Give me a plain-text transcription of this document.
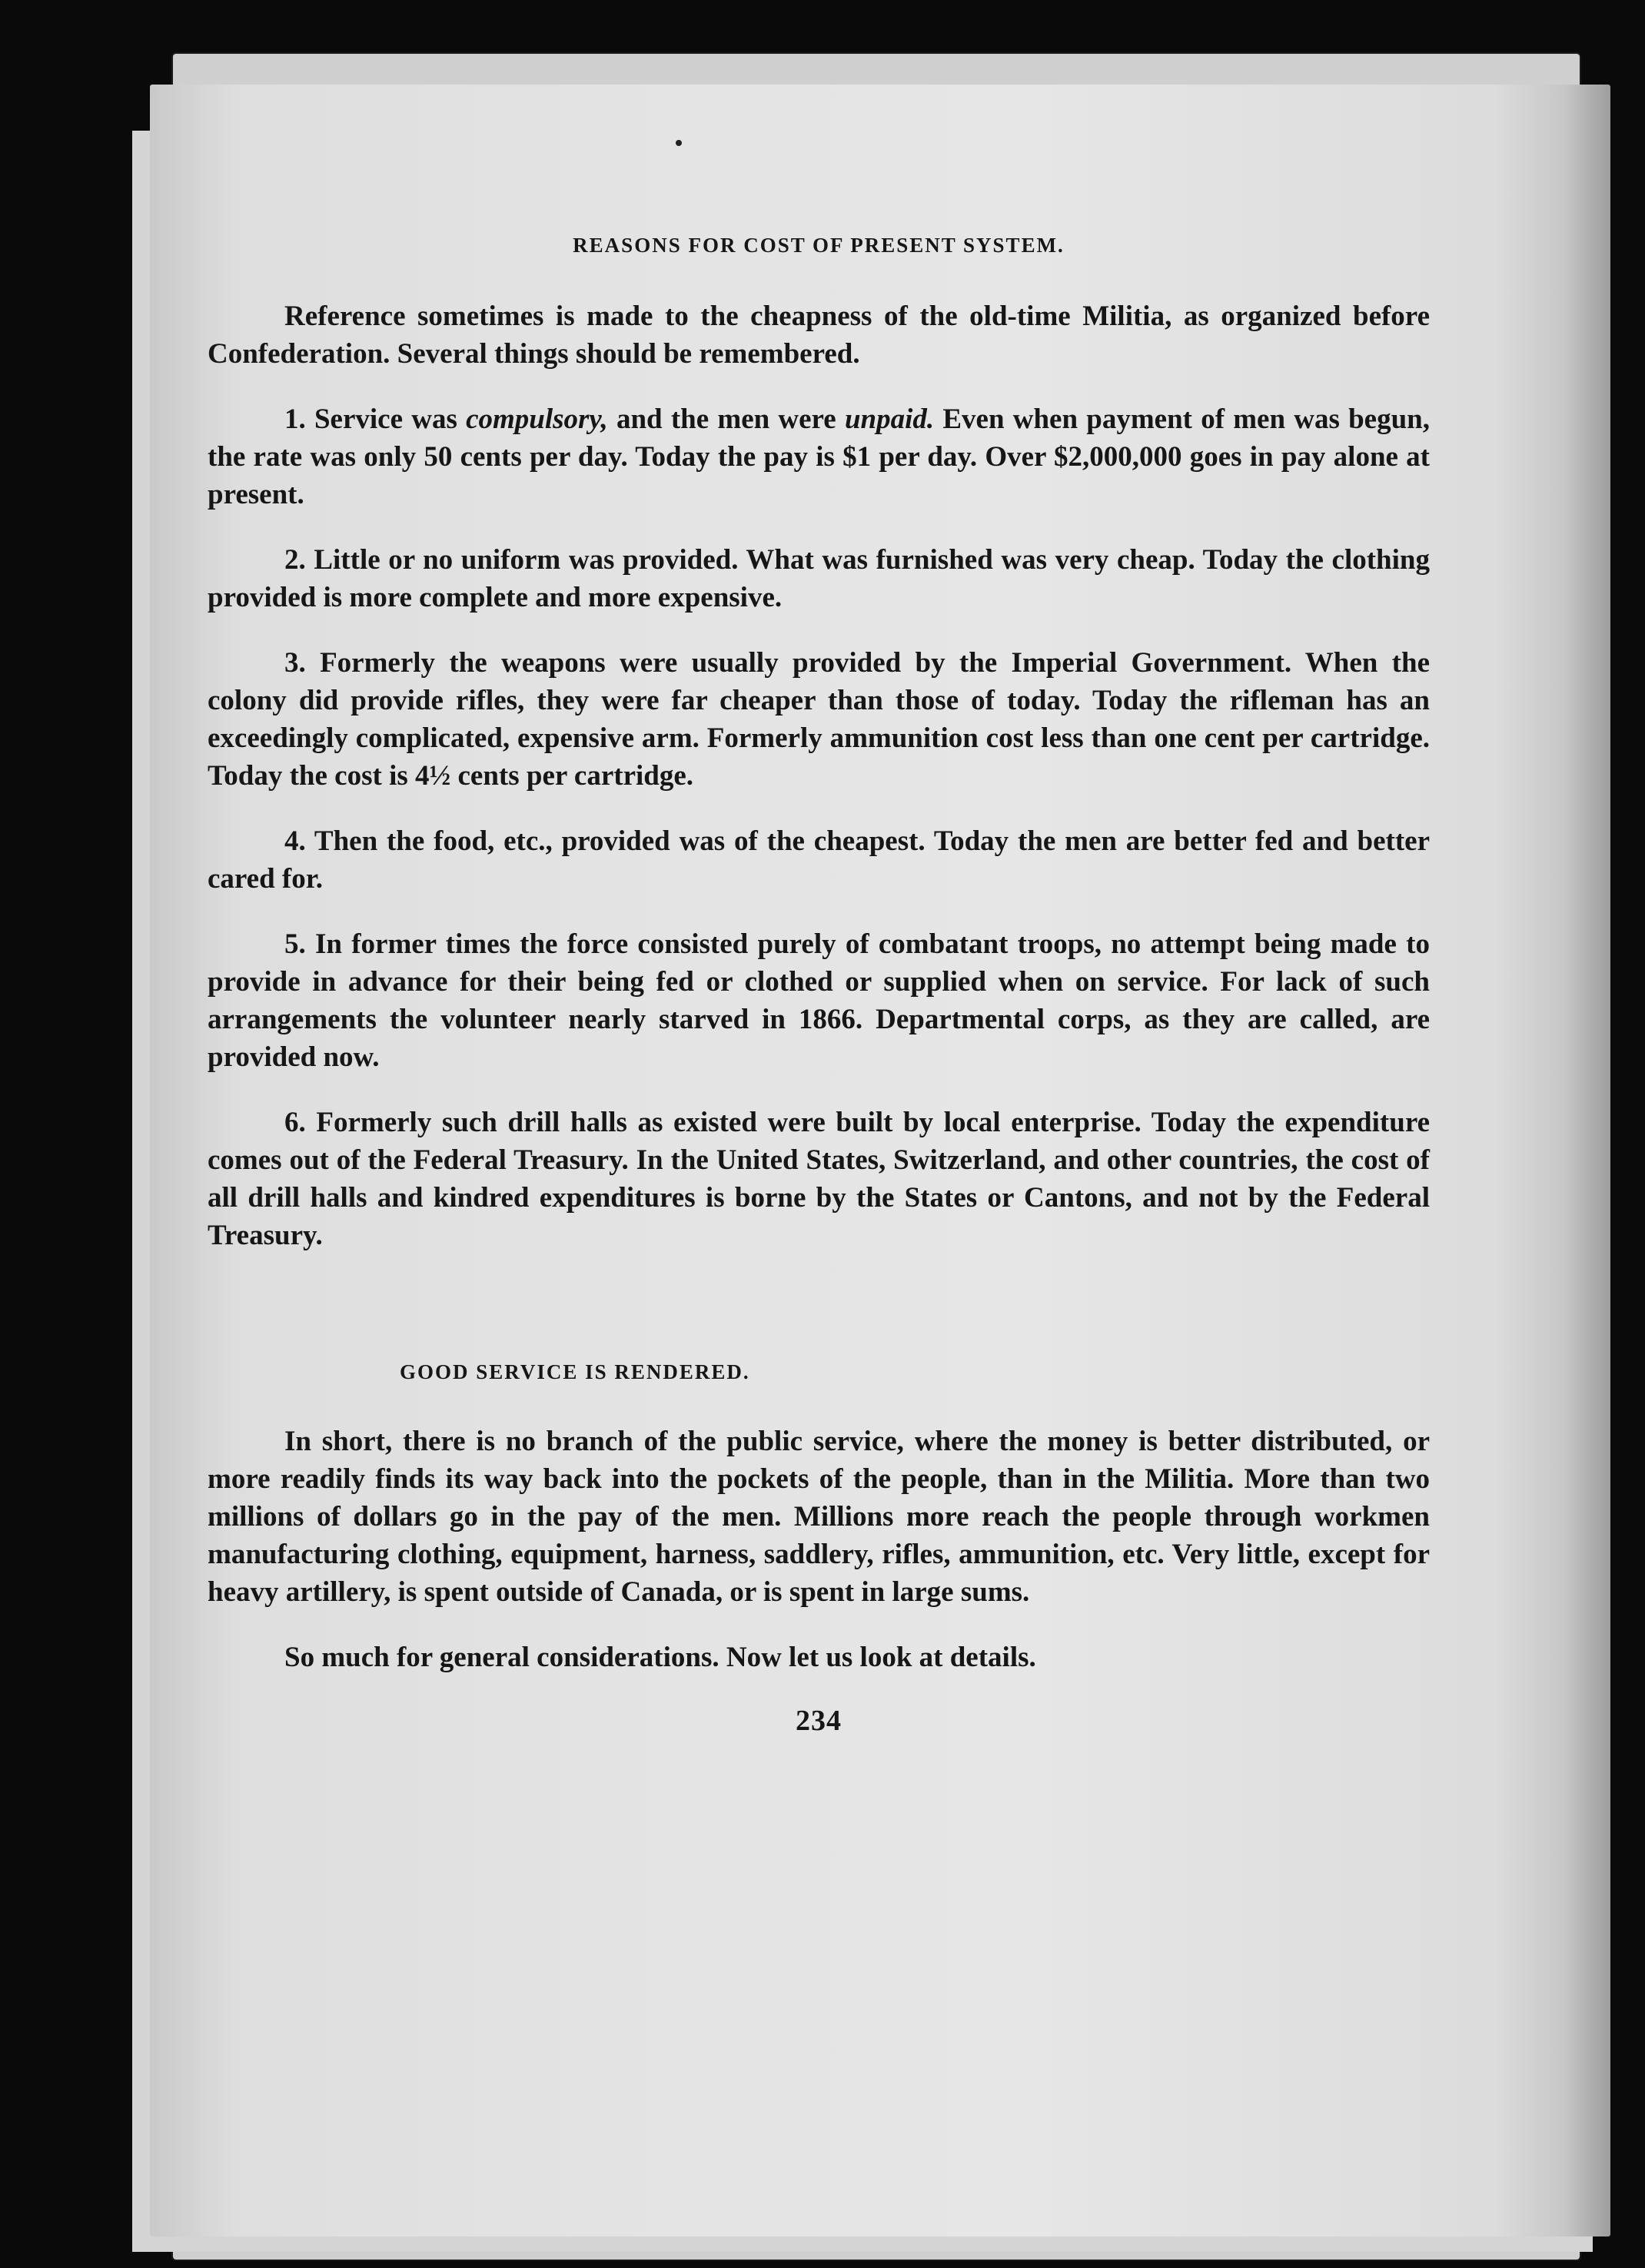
REASONS FOR COST OF PRESENT SYSTEM.

Reference sometimes is made to the cheapness of the old-time Militia, as organized before Confederation. Several things should be remembered.

1. Service was compulsory, and the men were unpaid. Even when payment of men was begun, the rate was only 50 cents per day. Today the pay is $1 per day. Over $2,000,000 goes in pay alone at present.

2. Little or no uniform was provided. What was furnished was very cheap. Today the clothing provided is more complete and more expensive.

3. Formerly the weapons were usually provided by the Imperial Government. When the colony did provide rifles, they were far cheaper than those of today. Today the rifleman has an exceedingly complicated, expensive arm. Formerly ammunition cost less than one cent per cartridge. Today the cost is 4½ cents per cartridge.

4. Then the food, etc., provided was of the cheapest. Today the men are better fed and better cared for.

5. In former times the force consisted purely of combatant troops, no attempt being made to provide in advance for their being fed or clothed or supplied when on service. For lack of such arrangements the volunteer nearly starved in 1866. Departmental corps, as they are called, are provided now.

6. Formerly such drill halls as existed were built by local enterprise. Today the expenditure comes out of the Federal Treasury. In the United States, Switzerland, and other countries, the cost of all drill halls and kindred expenditures is borne by the States or Cantons, and not by the Federal Treasury.

GOOD SERVICE IS RENDERED.

In short, there is no branch of the public service, where the money is better distributed, or more readily finds its way back into the pockets of the people, than in the Militia. More than two millions of dollars go in the pay of the men. Millions more reach the people through workmen manufacturing clothing, equipment, harness, saddlery, rifles, ammunition, etc. Very little, except for heavy artillery, is spent outside of Canada, or is spent in large sums.

So much for general considerations. Now let us look at details.

234
